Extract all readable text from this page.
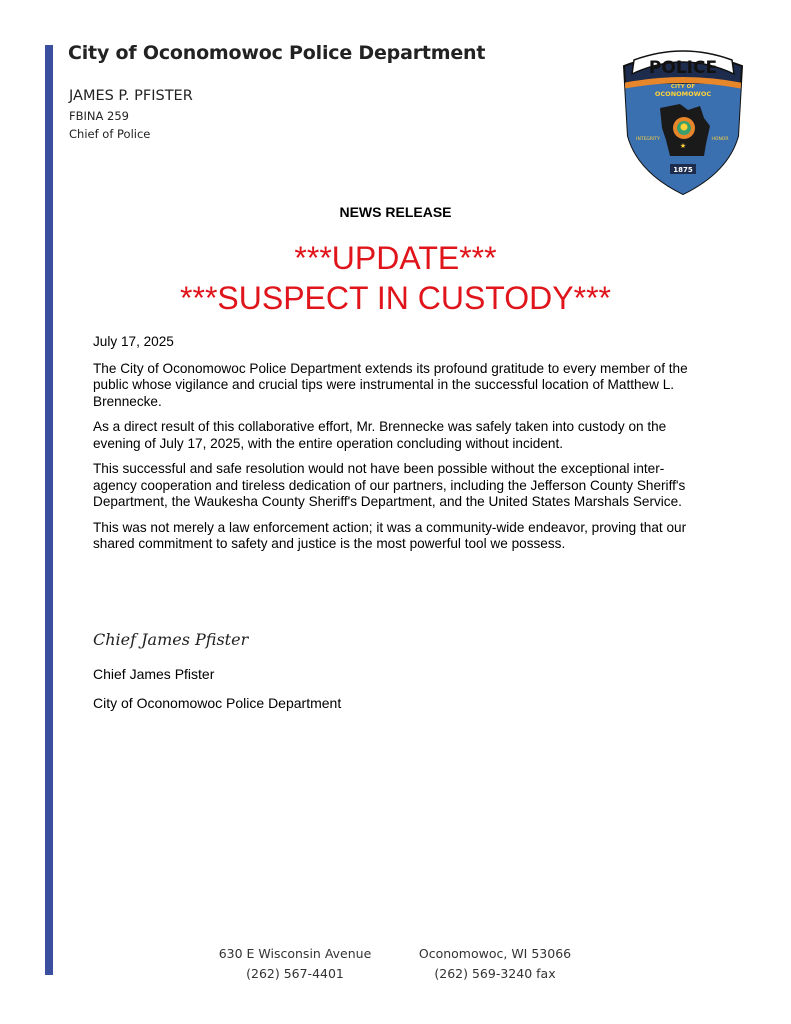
City of Oconomowoc Police Department
JAMES P. PFISTER
FBINA 259
Chief of Police
POLICE
CITY OF
OCONOMOWOC
★
INTEGRITY	HONOR
1875
NEWS RELEASE
***UPDATE***
***SUSPECT IN CUSTODY***

July 17, 2025

The City of Oconomowoc Police Department extends its profound gratitude to every member of the public whose vigilance and crucial tips were instrumental in the successful location of Matthew L. Brennecke.

As a direct result of this collaborative effort, Mr. Brennecke was safely taken into custody on the evening of July 17, 2025, with the entire operation concluding without incident.

This successful and safe resolution would not have been possible without the exceptional inter-agency cooperation and tireless dedication of our partners, including the Jefferson County Sheriff's Department, the Waukesha County Sheriff's Department, and the United States Marshals Service.

This was not merely a law enforcement action; it was a community-wide endeavor, proving that our shared commitment to safety and justice is the most powerful tool we possess.

Chief James Pfister
Chief James Pfister
City of Oconomowoc Police Department
630 E Wisconsin Avenue
(262) 567-4401
Oconomowoc, WI 53066
(262) 569-3240 fax
